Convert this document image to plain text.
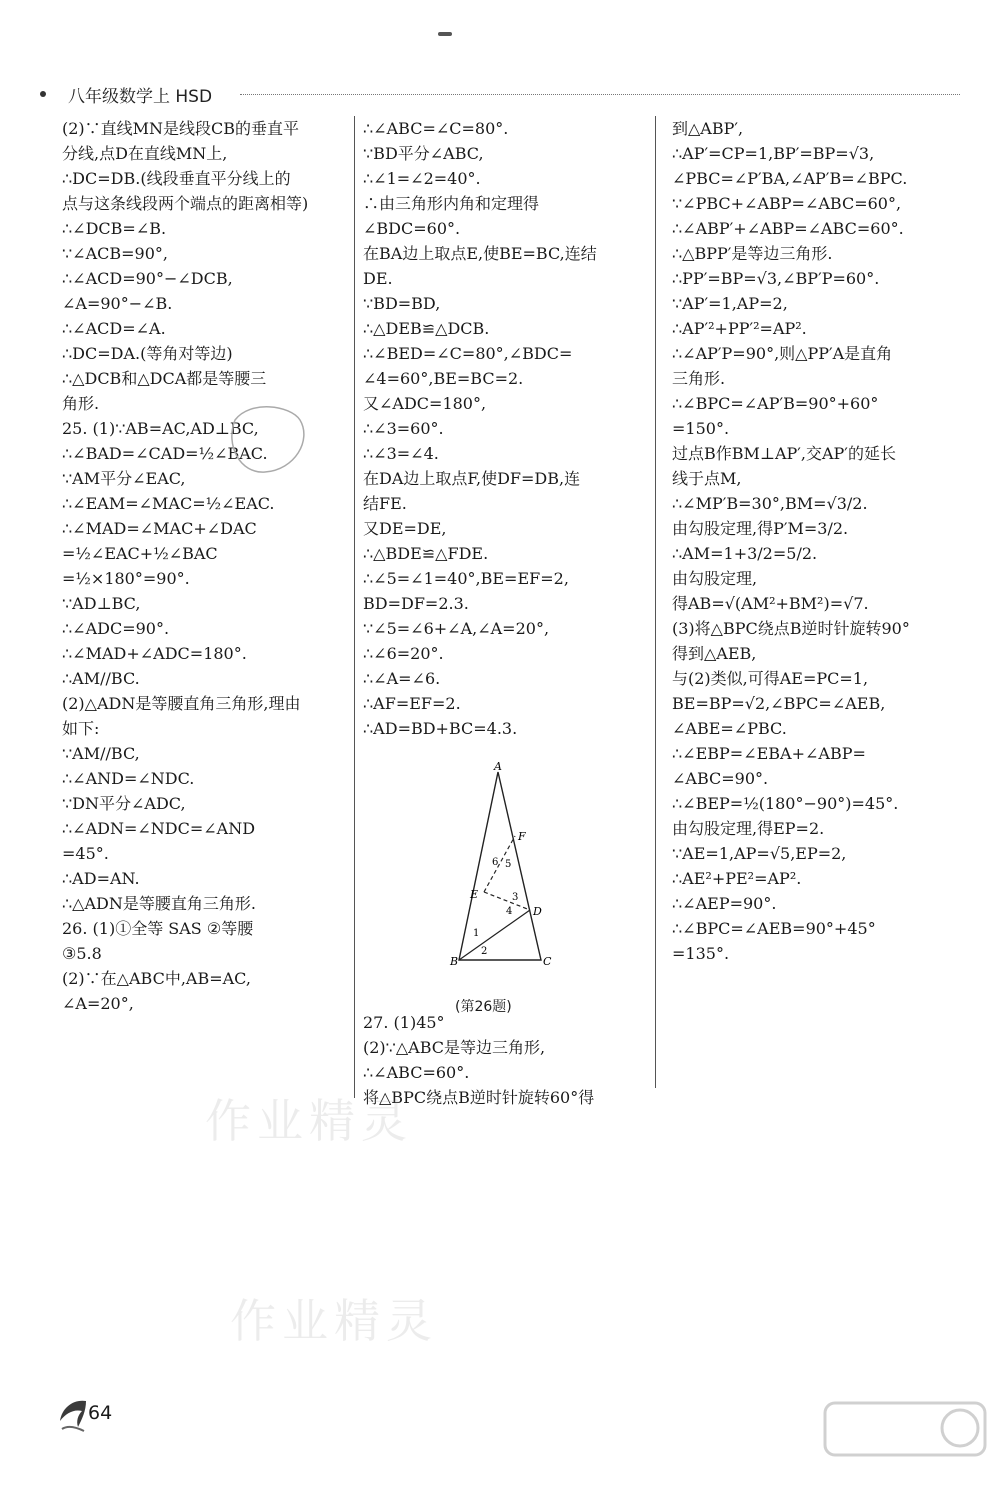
八年级数学上 HSD
(2)∵直线MN是线段CB的垂直平
分线,点D在直线MN上,
∴DC=DB.(线段垂直平分线上的
点与这条线段两个端点的距离相等)
∴∠DCB=∠B.
∵∠ACB=90°,
∴∠ACD=90°−∠DCB,
∠A=90°−∠B.
∴∠ACD=∠A.
∴DC=DA.(等角对等边)
∴△DCB和△DCA都是等腰三
角形.
25. (1)∵AB=AC,AD⊥BC,
∴∠BAD=∠CAD=½∠BAC.
∵AM平分∠EAC,
∴∠EAM=∠MAC=½∠EAC.
∴∠MAD=∠MAC+∠DAC
=½∠EAC+½∠BAC
=½×180°=90°.
∵AD⊥BC,
∴∠ADC=90°.
∴∠MAD+∠ADC=180°.
∴AM//BC.
(2)△ADN是等腰直角三角形,理由
如下:
∵AM//BC,
∴∠AND=∠NDC.
∵DN平分∠ADC,
∴∠ADN=∠NDC=∠AND
=45°.
∴AD=AN.
∴△ADN是等腰直角三角形.
26. (1)①全等 SAS ②等腰
③5.8
(2)∵在△ABC中,AB=AC,
∠A=20°,
∴∠ABC=∠C=80°.
∵BD平分∠ABC,
∴∠1=∠2=40°.
∴由三角形内角和定理得
∠BDC=60°.
在BA边上取点E,使BE=BC,连结
DE.
∵BD=BD,
∴△DEB≌△DCB.
∴∠BED=∠C=80°,∠BDC=
∠4=60°,BE=BC=2.
又∠ADC=180°,
∴∠3=60°.
∴∠3=∠4.
在DA边上取点F,使DF=DB,连
结FE.
又DE=DE,
∴△BDE≌△FDE.
∴∠5=∠1=40°,BE=EF=2,
BD=DF=2.3.
∵∠5=∠6+∠A,∠A=20°,
∴∠6=20°.
∴∠A=∠6.
∴AF=EF=2.
∴AD=BD+BC=4.3.
到△ABP′,
∴AP′=CP=1,BP′=BP=√3,
∠PBC=∠P′BA,∠AP′B=∠BPC.
∵∠PBC+∠ABP=∠ABC=60°,
∴∠ABP′+∠ABP=∠ABC=60°.
∴△BPP′是等边三角形.
∴PP′=BP=√3,∠BP′P=60°.
∵AP′=1,AP=2,
∴AP′²+PP′²=AP².
∴∠AP′P=90°,则△PP′A是直角
三角形.
∴∠BPC=∠AP′B=90°+60°
=150°.
过点B作BM⊥AP′,交AP′的延长
线于点M,
∴∠MP′B=30°,BM=√3/2.
由勾股定理,得P′M=3/2.
∴AM=1+3/2=5/2.
由勾股定理,
得AB=√(AM²+BM²)=√7.
(3)将△BPC绕点B逆时针旋转90°
得到△AEB,
与(2)类似,可得AE=PC=1,
BE=BP=√2,∠BPC=∠AEB,
∠ABE=∠PBC.
∴∠EBP=∠EBA+∠ABP=
∠ABC=90°.
∴∠BEP=½(180°−90°)=45°.
由勾股定理,得EP=2.
∵AE=1,AP=√5,EP=2,
∴AE²+PE²=AP².
∴∠AEP=90°.
∴∠BPC=∠AEB=90°+45°
=135°.
27. (1)45°
(2)∵△ABC是等边三角形,
∴∠ABC=60°.
将△BPC绕点B逆时针旋转60°得
A
B	C
D
E
F
1
2
3
4
5
6
(第26题)
作业精灵
作业精灵
64
